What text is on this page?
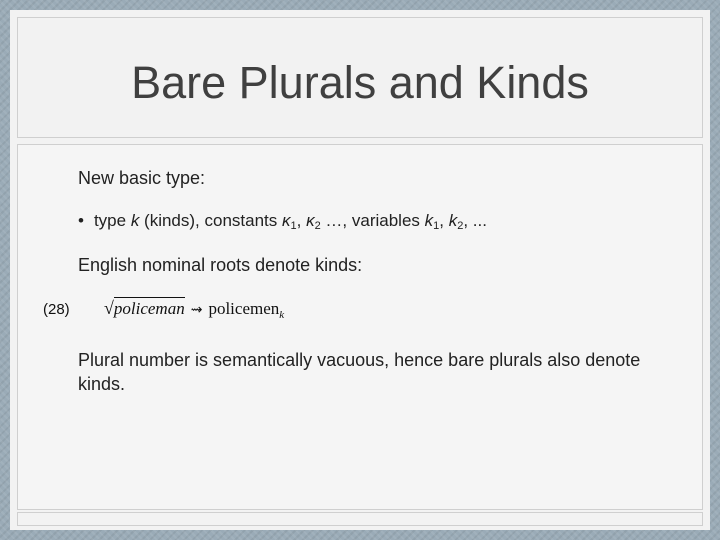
Bare Plurals and Kinds
New basic type:
• type k (kinds), constants $\kappa_1$, $\kappa_2$ …, variables $k_1$, $k_2$, ...
English nominal roots denote kinds:
(28) √policeman ⇝ policemen$_k$
Plural number is semantically vacuous, hence bare plurals also denote kinds.
